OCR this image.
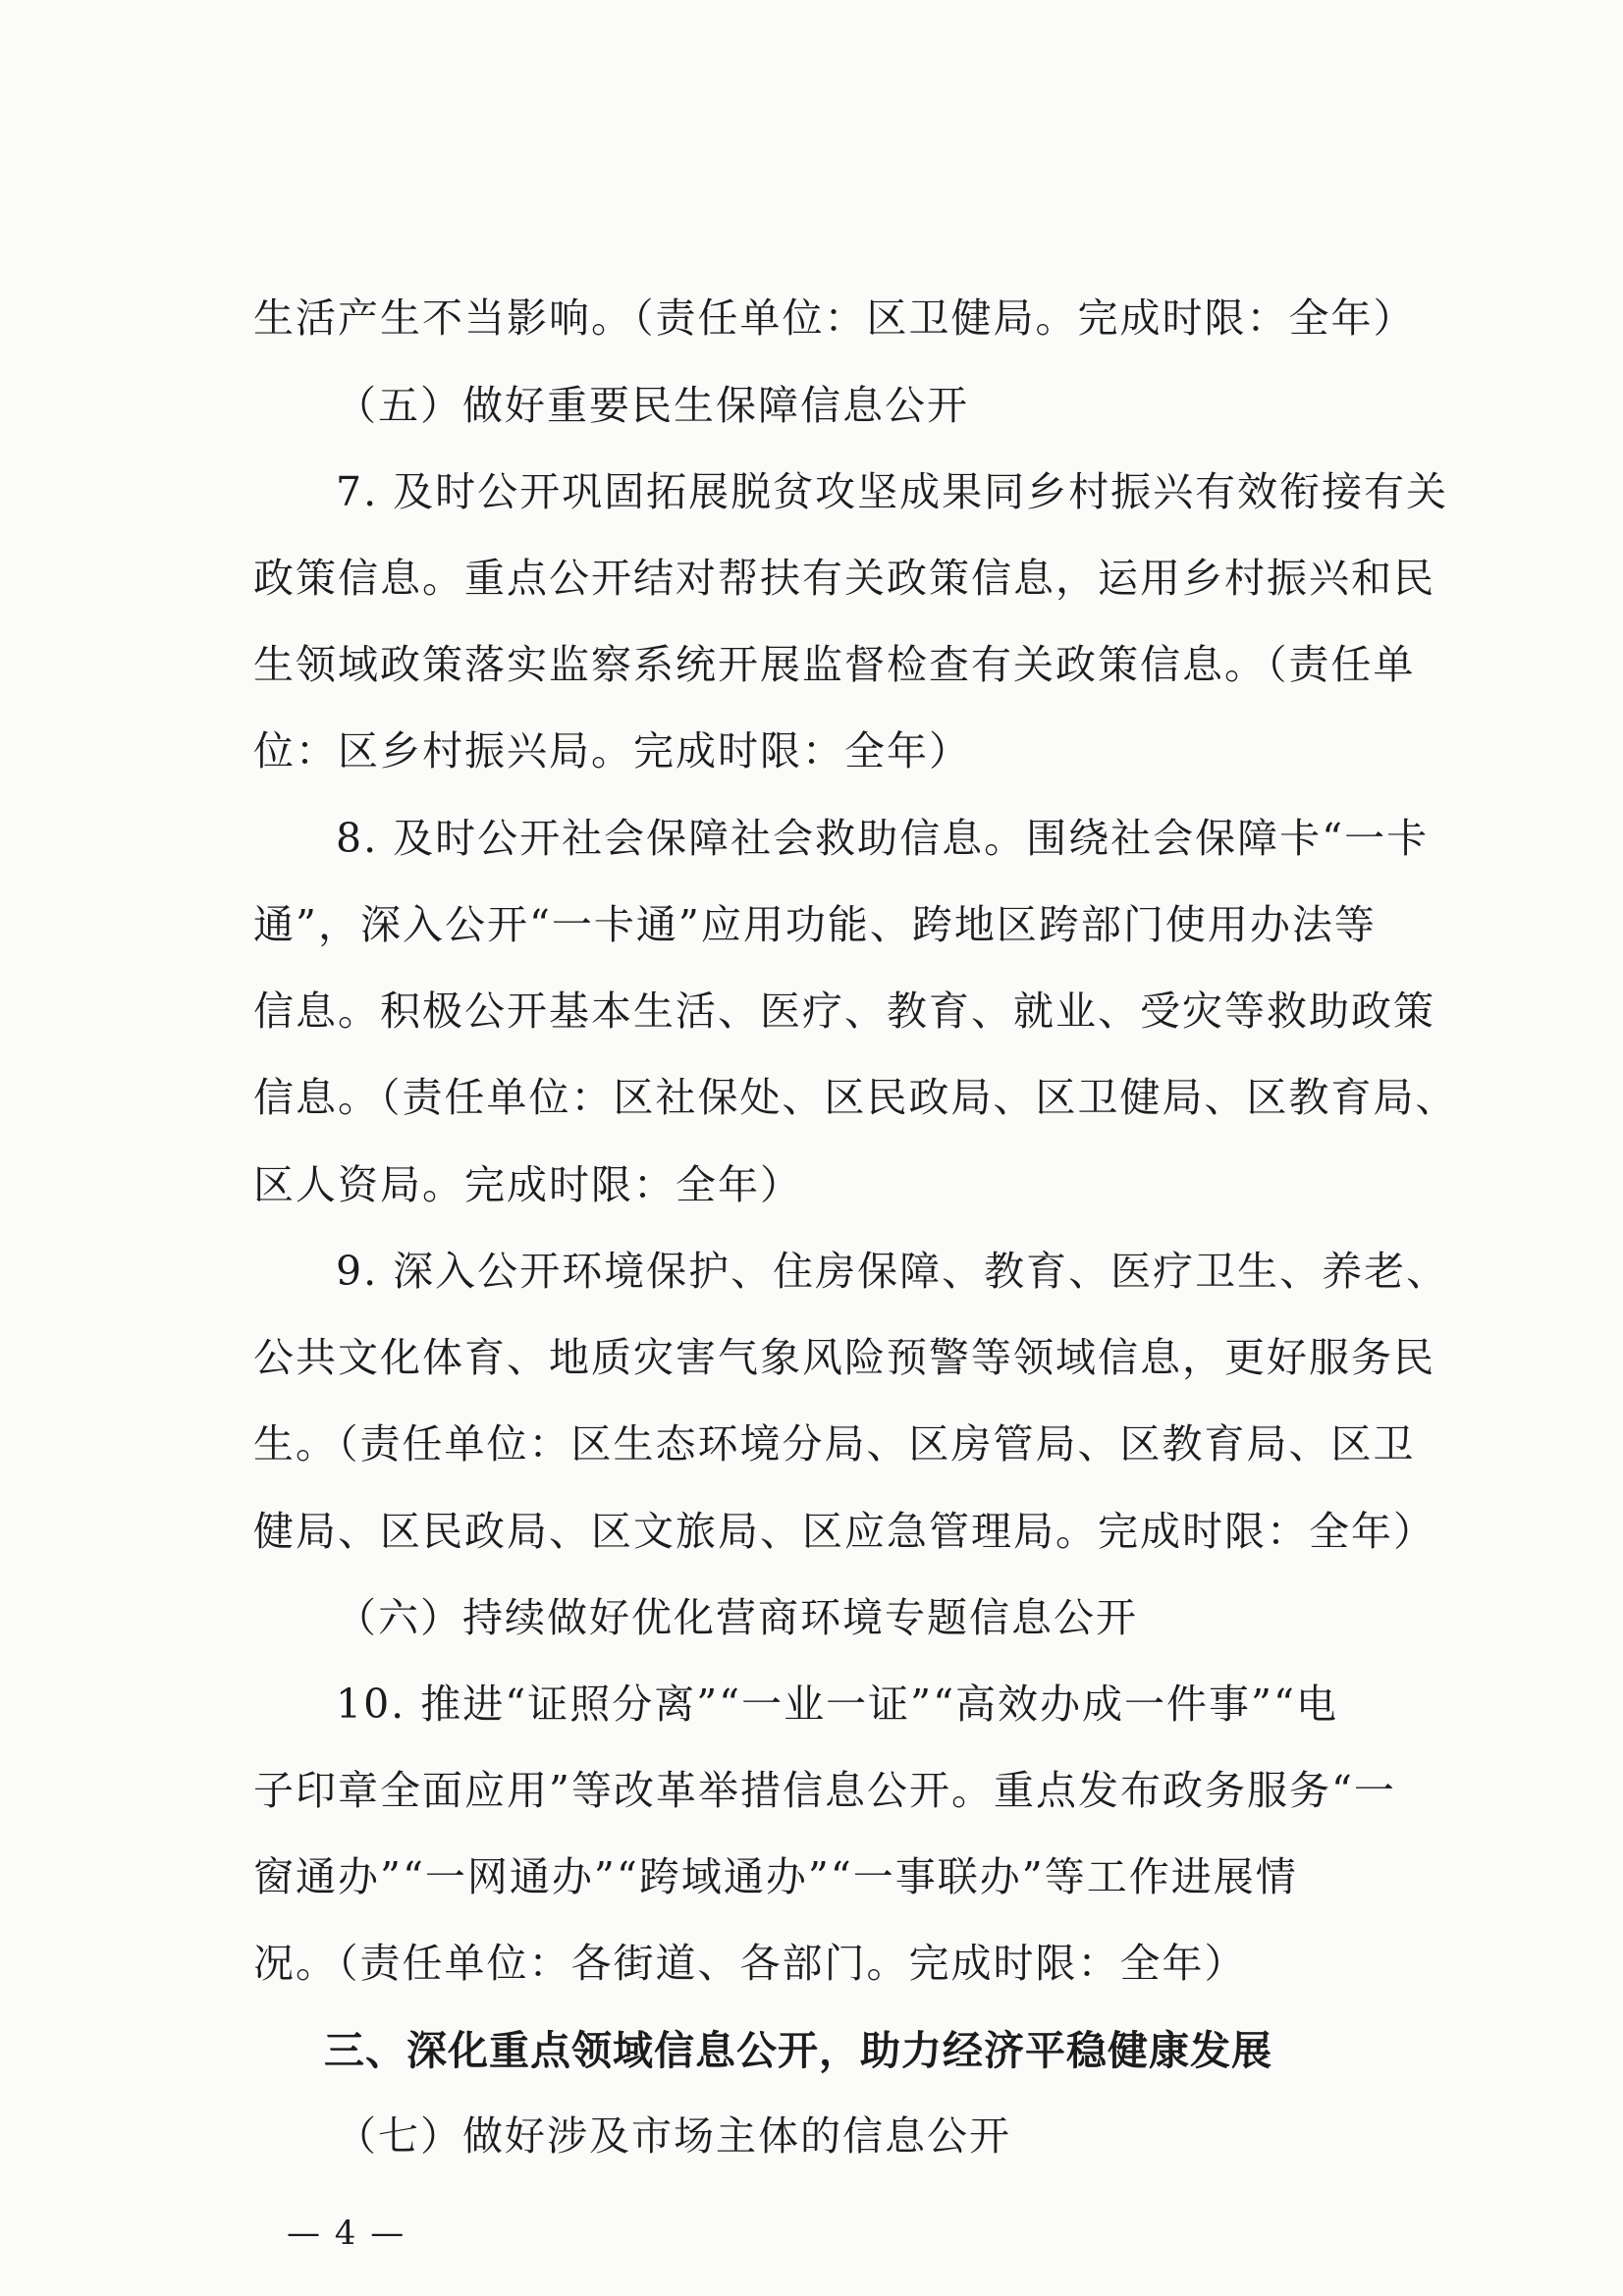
生活产生不当影响。（责任单位：区卫健局。完成时限：全年）
（五）做好重要民生保障信息公开
7. 及时公开巩固拓展脱贫攻坚成果同乡村振兴有效衔接有关
政策信息。重点公开结对帮扶有关政策信息，运用乡村振兴和民
生领域政策落实监察系统开展监督检查有关政策信息。（责任单
位：区乡村振兴局。完成时限：全年）
8. 及时公开社会保障社会救助信息。围绕社会保障卡“一卡
通”，深入公开“一卡通”应用功能、跨地区跨部门使用办法等
信息。积极公开基本生活、医疗、教育、就业、受灾等救助政策
信息。（责任单位：区社保处、区民政局、区卫健局、区教育局、
区人资局。完成时限：全年）
9. 深入公开环境保护、住房保障、教育、医疗卫生、养老、
公共文化体育、地质灾害气象风险预警等领域信息，更好服务民
生。（责任单位：区生态环境分局、区房管局、区教育局、区卫
健局、区民政局、区文旅局、区应急管理局。完成时限：全年）
（六）持续做好优化营商环境专题信息公开
10. 推进“证照分离”“一业一证”“高效办成一件事”“电
子印章全面应用”等改革举措信息公开。重点发布政务服务“一
窗通办”“一网通办”“跨域通办”“一事联办”等工作进展情
况。（责任单位：各街道、各部门。完成时限：全年）
三、深化重点领域信息公开，助力经济平稳健康发展
（七）做好涉及市场主体的信息公开
— 4 —
